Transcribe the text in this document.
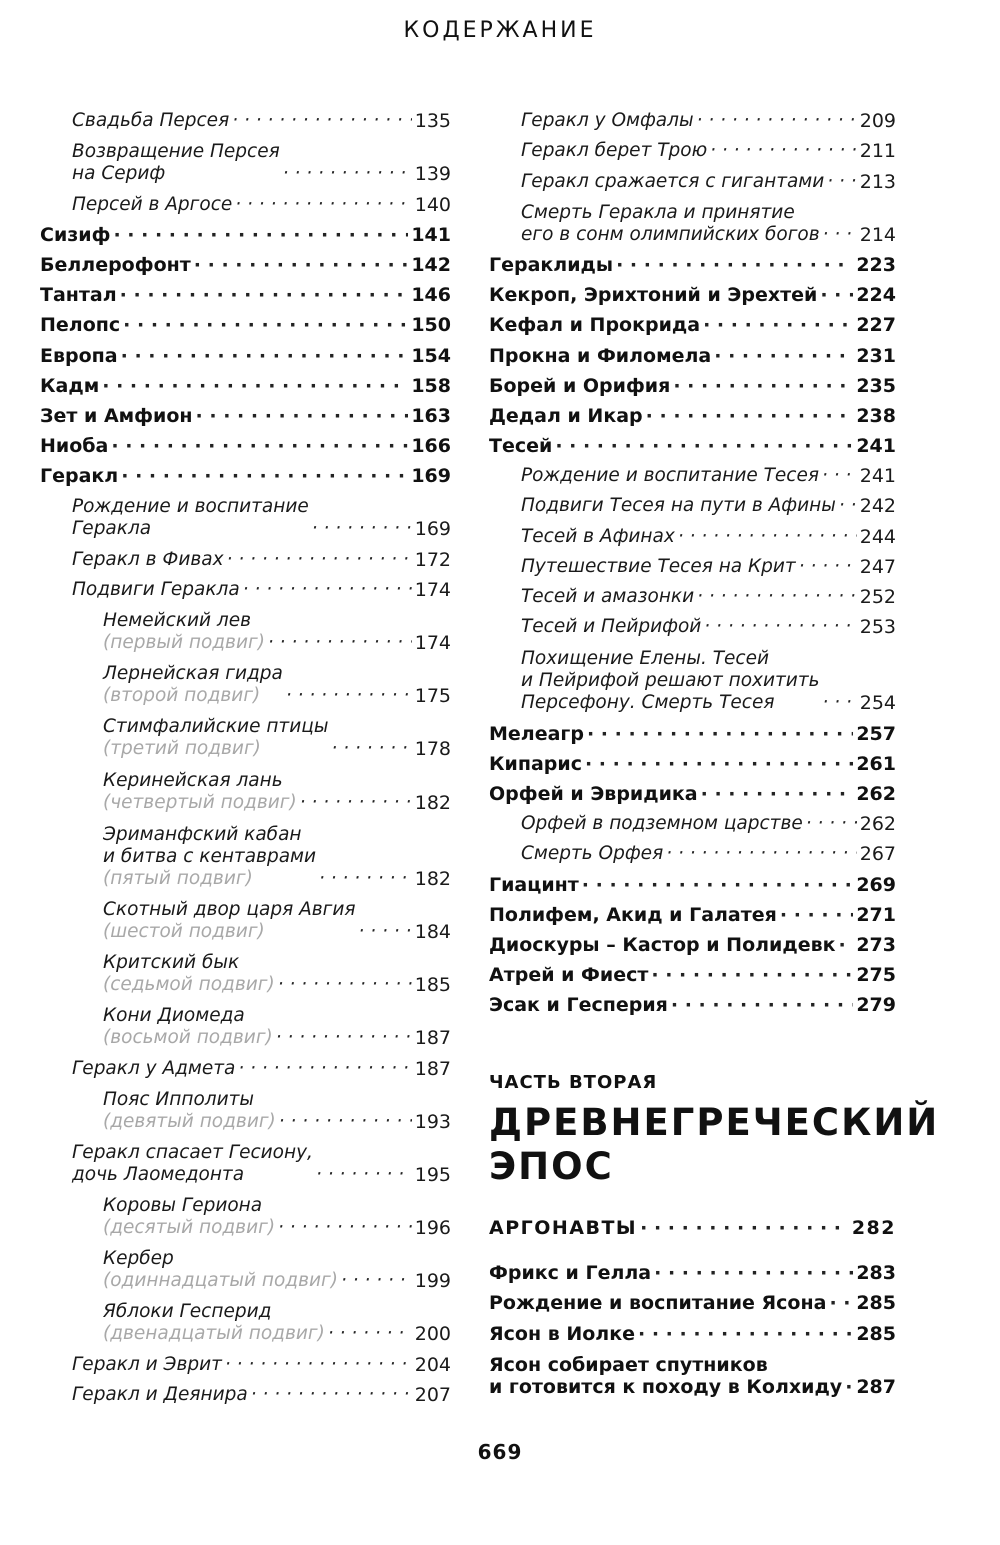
КОДЕРЖАНИЕ
Свадьба Персея · · ·	135
Возвращение Персея
на Сериф · · ·	139
Персей в Аргосе · · ·	140
Сизиф · · ·	141
Беллерофонт · · ·	142
Тантал · · ·	146
Пелопс · · ·	150
Европа · · ·	154
Кадм · · ·	158
Зет и Амфион · · ·	163
Ниоба · · ·	166
Геракл · · ·	169
Рождение и воспитание
Геракла · · ·	169
Геракл в Фивах · · ·	172
Подвиги Геракла · · ·	174
Немейский лев
(первый подвиг) · · ·	174
Лернейская гидра
(второй подвиг) · · ·	175
Стимфалийские птицы
(третий подвиг) · · ·	178
Керинейская лань
(четвертый подвиг) · · ·	182
Эриманфский кабан
и битва с кентаврами
(пятый подвиг) · · ·	182
Скотный двор царя Авгия
(шестой подвиг) · · ·	184
Критский бык
(седьмой подвиг) · · ·	185
Кони Диомеда
(восьмой подвиг) · · ·	187
Геракл у Адмета · · ·	187
Пояс Ипполиты
(девятый подвиг) · · ·	193
Геракл спасает Гесиону,
дочь Лаомедонта · · ·	195
Коровы Гериона
(десятый подвиг) · · ·	196
Кербер
(одиннадцатый подвиг) · · ·	199
Яблоки Гесперид
(двенадцатый подвиг) · · ·	200
Геракл и Эврит · · ·	204
Геракл и Деянира · · ·	207
Геракл у Омфалы · · ·	209
Геракл берет Трою · · ·	211
Геракл сражается с гигантами · · · 213
Смерть Геракла и принятие
его в сонм олимпийских богов · · · 214
Гераклиды · · ·	223
Кекроп, Эрихтоний и Эрехтей · · · 224
Кефал и Прокрида · · ·	227
Прокна и Филомела · · ·	231
Борей и Орифия · · ·	235
Дедал и Икар · · ·	238
Тесей · · ·	241
Рождение и воспитание Тесея · · · 241
Подвиги Тесея на пути в Афины · · · 242
Тесей в Афинах · · ·	244
Путешествие Тесея на Крит · · ·	247
Тесей и амазонки · · ·	252
Тесей и Пейрифой · · ·	253
Похищение Елены. Тесей
и Пейрифой решают похитить
Персефону. Смерть Тесея · · ·	254
Мелеагр · · ·	257
Кипарис · · ·	261
Орфей и Эвридика · · ·	262
Орфей в подземном царстве · · ·	262
Смерть Орфея · · ·	267
Гиацинт · · ·	269
Полифем, Акид и Галатея · · ·	271
Диоскуры – Кастор и Полидевк · · · 273
Атрей и Фиест · · ·	275
Эсак и Гесперия · · ·	279
ЧАСТЬ ВТОРАЯ
ДРЕВНЕГРЕЧЕСКИЙ
ЭПОС
АРГОНАВТЫ · · ·	282
Фрикс и Гелла · · ·	283
Рождение и воспитание Ясона · · · 285
Ясон в Иолке · · ·	285
Ясон собирает спутников
и готовится к походу в Колхиду · · · 287
669
